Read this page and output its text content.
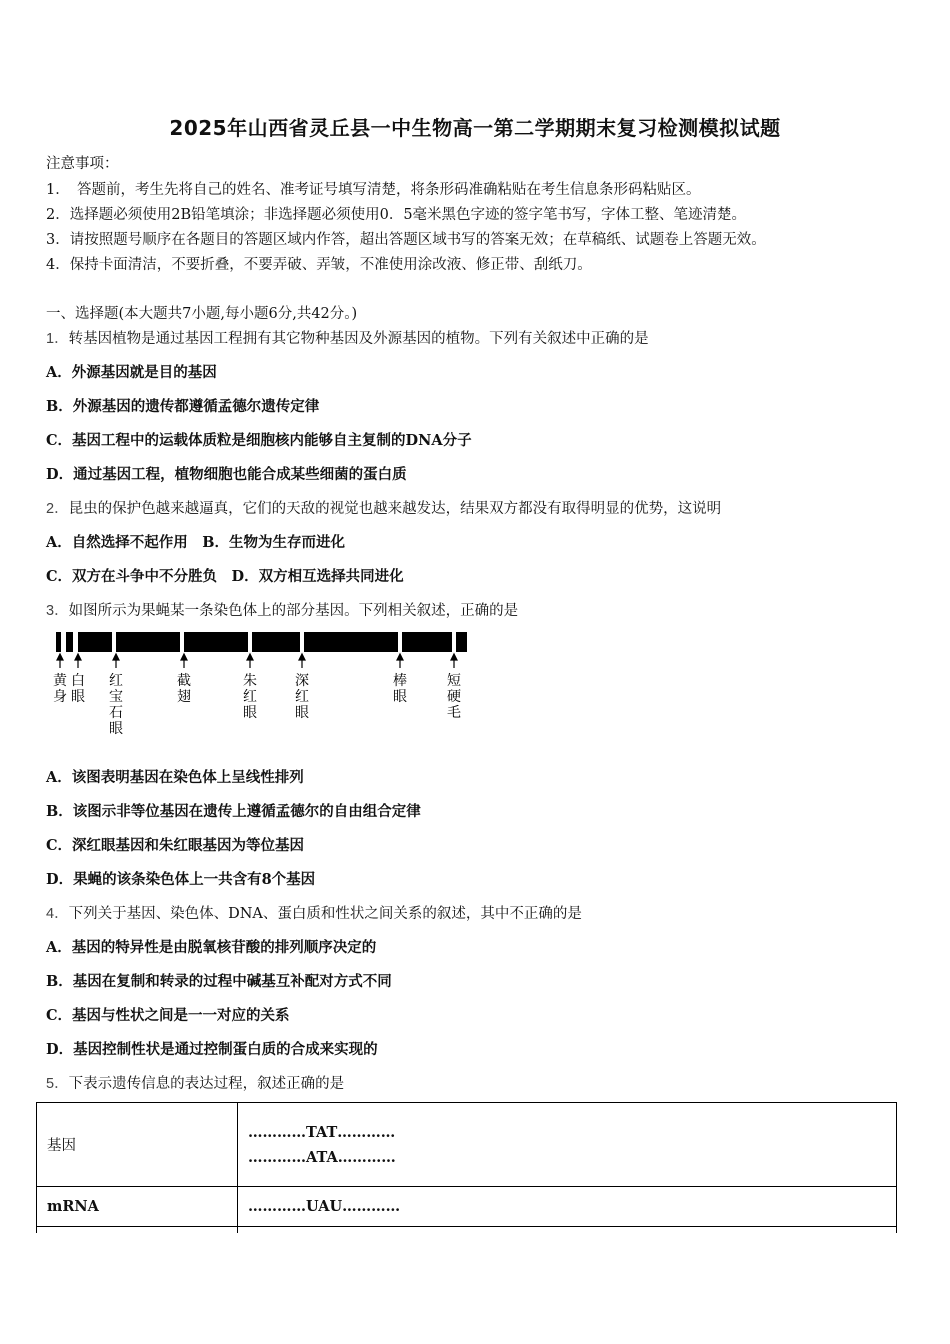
2025年山西省灵丘县一中生物高一第二学期期末复习检测模拟试题
注意事项：
1．　答题前，考生先将自己的姓名、准考证号填写清楚，将条形码准确粘贴在考生信息条形码粘贴区。
2．选择题必须使用2B铅笔填涂；非选择题必须使用0．5毫米黑色字迹的签字笔书写，字体工整、笔迹清楚。
3．请按照题号顺序在各题目的答题区域内作答，超出答题区域书写的答案无效；在草稿纸、试题卷上答题无效。
4．保持卡面清洁，不要折叠，不要弄破、弄皱，不准使用涂改液、修正带、刮纸刀。
一、选择题(本大题共7小题,每小题6分,共42分。)
1．转基因植物是通过基因工程拥有其它物种基因及外源基因的植物。下列有关叙述中正确的是
A．外源基因就是目的基因
B．外源基因的遗传都遵循孟德尔遗传定律
C．基因工程中的运载体质粒是细胞核内能够自主复制的DNA分子
D．通过基因工程，植物细胞也能合成某些细菌的蛋白质
2．昆虫的保护色越来越逼真，它们的天敌的视觉也越来越发达，结果双方都没有取得明显的优势，这说明
A．自然选择不起作用　B．生物为生存而进化
C．双方在斗争中不分胜负　D．双方相互选择共同进化
3．如图所示为果蝇某一条染色体上的部分基因。下列相关叙述，正确的是
黄身
白眼
红宝石眼
截翅
朱红眼
深红眼
棒眼
短硬毛
A．该图表明基因在染色体上呈线性排列
B．该图示非等位基因在遗传上遵循孟德尔的自由组合定律
C．深红眼基因和朱红眼基因为等位基因
D．果蝇的该条染色体上一共含有8个基因
4．下列关于基因、染色体、DNA、蛋白质和性状之间关系的叙述，其中不正确的是
A．基因的特异性是由脱氧核苷酸的排列顺序决定的
B．基因在复制和转录的过程中碱基互补配对方式不同
C．基因与性状之间是一一对应的关系
D．基因控制性状是通过控制蛋白质的合成来实现的
5．下表示遗传信息的表达过程，叙述正确的是
基因	…………TAT…………
…………ATA…………

mRNA	…………UAU…………
